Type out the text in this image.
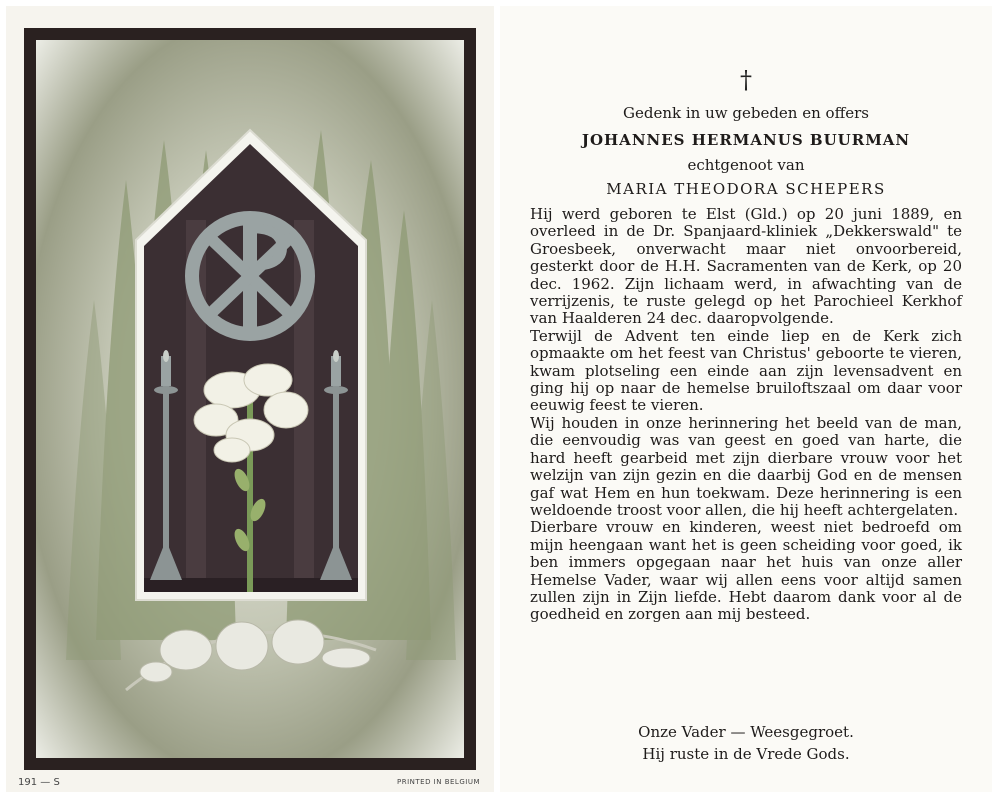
191 — S	PRINTED IN BELGIUM
†
Gedenk in uw gebeden en offers
JOHANNES HERMANUS BUURMAN
echtgenoot van
MARIA THEODORA SCHEPERS

Hij werd geboren te Elst (Gld.) op 20 juni 1889, en overleed in de Dr. Spanjaard-kliniek „Dekkerswald" te Groesbeek, onverwacht maar niet onvoorbereid, gesterkt door de H.H. Sacramenten van de Kerk, op 20 dec. 1962. Zijn lichaam werd, in afwachting van de verrijzenis, te ruste gelegd op het Parochieel Kerkhof van Haalderen 24 dec. daaropvolgende.

Terwijl de Advent ten einde liep en de Kerk zich opmaakte om het feest van Christus' geboorte te vieren, kwam plotseling een einde aan zijn levensadvent en ging hij op naar de hemelse bruiloftszaal om daar voor eeuwig feest te vieren.

Wij houden in onze herinnering het beeld van de man, die eenvoudig was van geest en goed van harte, die hard heeft gearbeid met zijn dierbare vrouw voor het welzijn van zijn gezin en die daarbij God en de mensen gaf wat Hem en hun toekwam. Deze herinnering is een weldoende troost voor allen, die hij heeft achtergelaten.

Dierbare vrouw en kinderen, weest niet bedroefd om mijn heengaan want het is geen scheiding voor goed, ik ben immers opgegaan naar het huis van onze aller Hemelse Vader, waar wij allen eens voor altijd samen zullen zijn in Zijn liefde. Hebt daarom dank voor al de goedheid en zorgen aan mij besteed.

Onze Vader — Weesgegroet.
Hij ruste in de Vrede Gods.
